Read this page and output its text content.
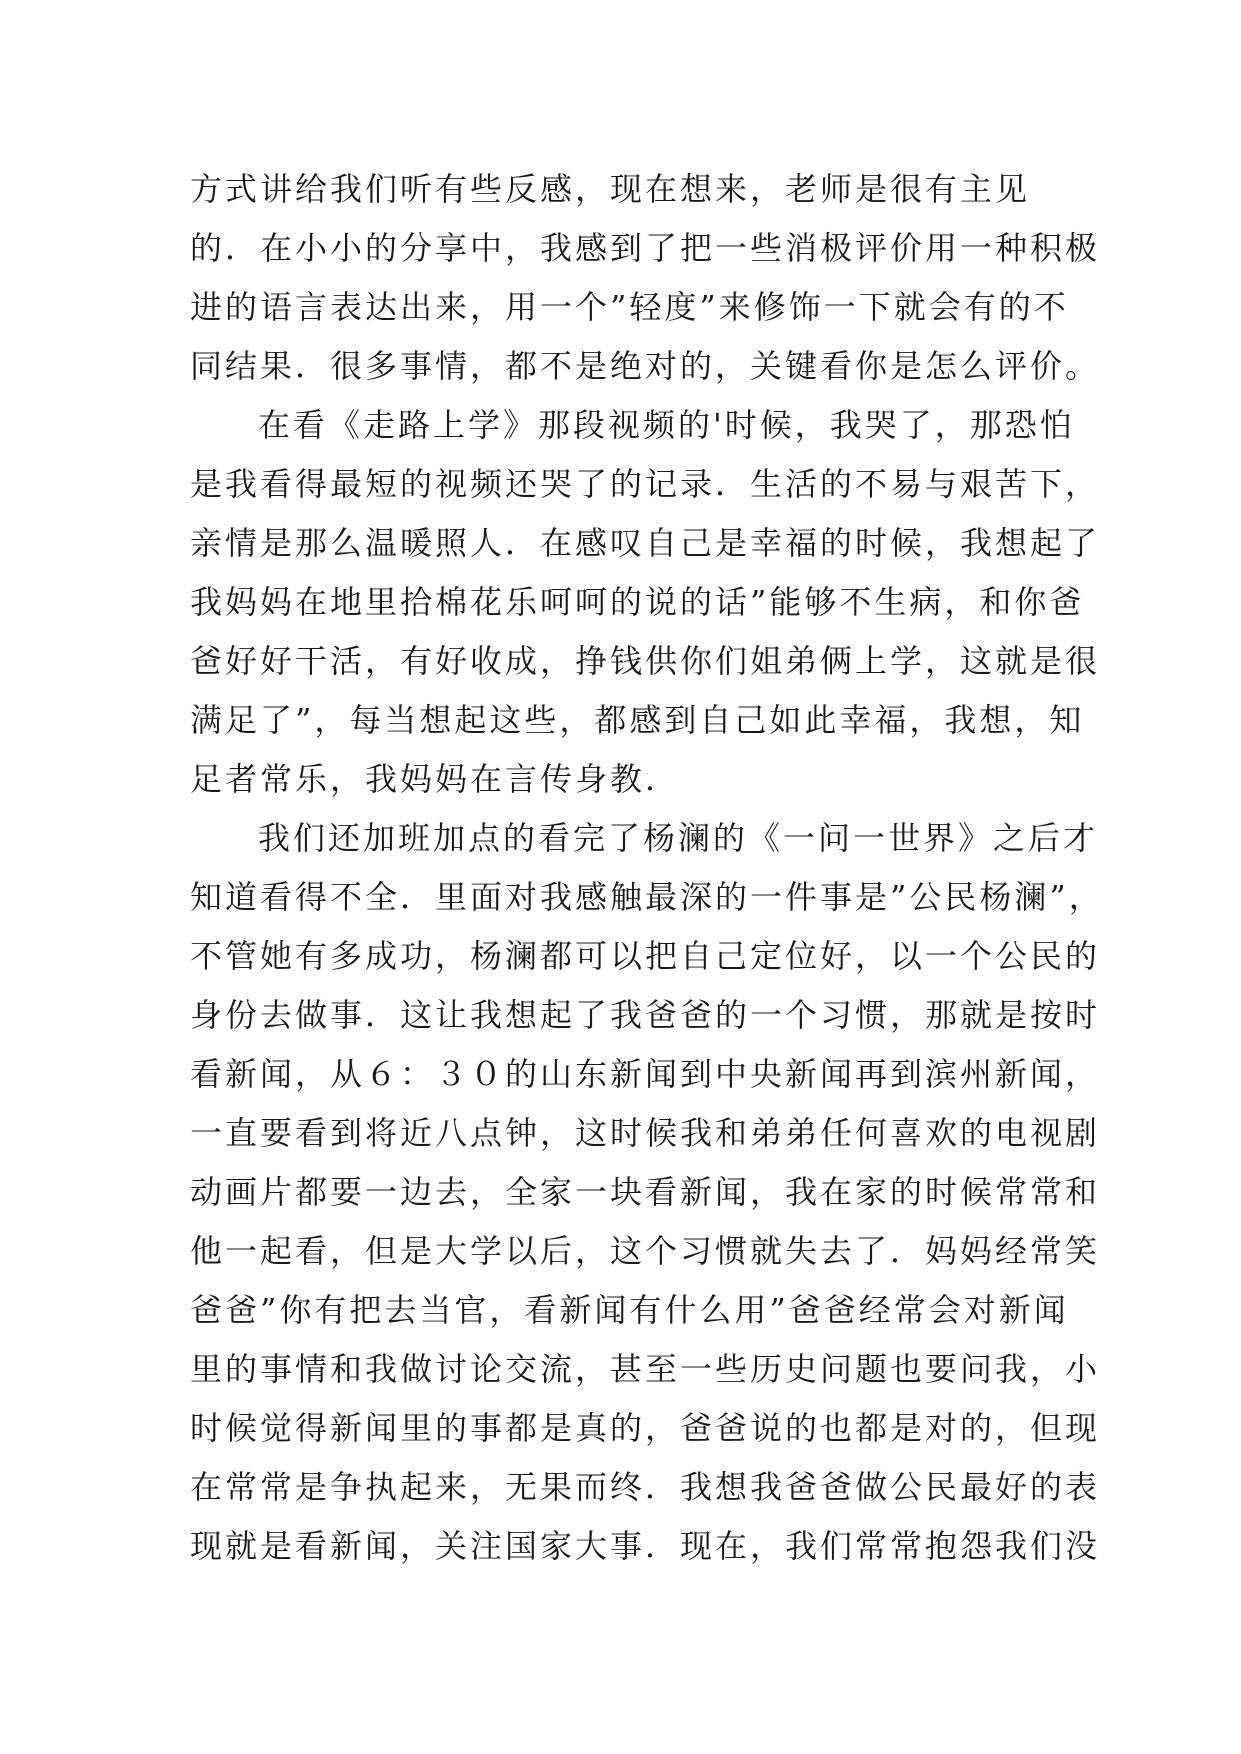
方式讲给我们听有些反感，现在想来，老师是很有主见
的．在小小的分享中，我感到了把一些消极评价用一种积极
进的语言表达出来，用一个”轻度”来修饰一下就会有的不
同结果．很多事情，都不是绝对的，关键看你是怎么评价。
在看《走路上学》那段视频的'时候，我哭了，那恐怕
是我看得最短的视频还哭了的记录．生活的不易与艰苦下，
亲情是那么温暖照人．在感叹自己是幸福的时候，我想起了
我妈妈在地里拾棉花乐呵呵的说的话”能够不生病，和你爸
爸好好干活，有好收成，挣钱供你们姐弟俩上学，这就是很
满足了”，每当想起这些，都感到自己如此幸福，我想，知
足者常乐，我妈妈在言传身教．
我们还加班加点的看完了杨澜的《一问一世界》之后才
知道看得不全．里面对我感触最深的一件事是”公民杨澜”，
不管她有多成功，杨澜都可以把自己定位好，以一个公民的
身份去做事．这让我想起了我爸爸的一个习惯，那就是按时
看新闻，从６：３０的山东新闻到中央新闻再到滨州新闻，
一直要看到将近八点钟，这时候我和弟弟任何喜欢的电视剧
动画片都要一边去，全家一块看新闻，我在家的时候常常和
他一起看，但是大学以后，这个习惯就失去了．妈妈经常笑
爸爸”你有把去当官，看新闻有什么用”爸爸经常会对新闻
里的事情和我做讨论交流，甚至一些历史问题也要问我，小
时候觉得新闻里的事都是真的，爸爸说的也都是对的，但现
在常常是争执起来，无果而终．我想我爸爸做公民最好的表
现就是看新闻，关注国家大事．现在，我们常常抱怨我们没
